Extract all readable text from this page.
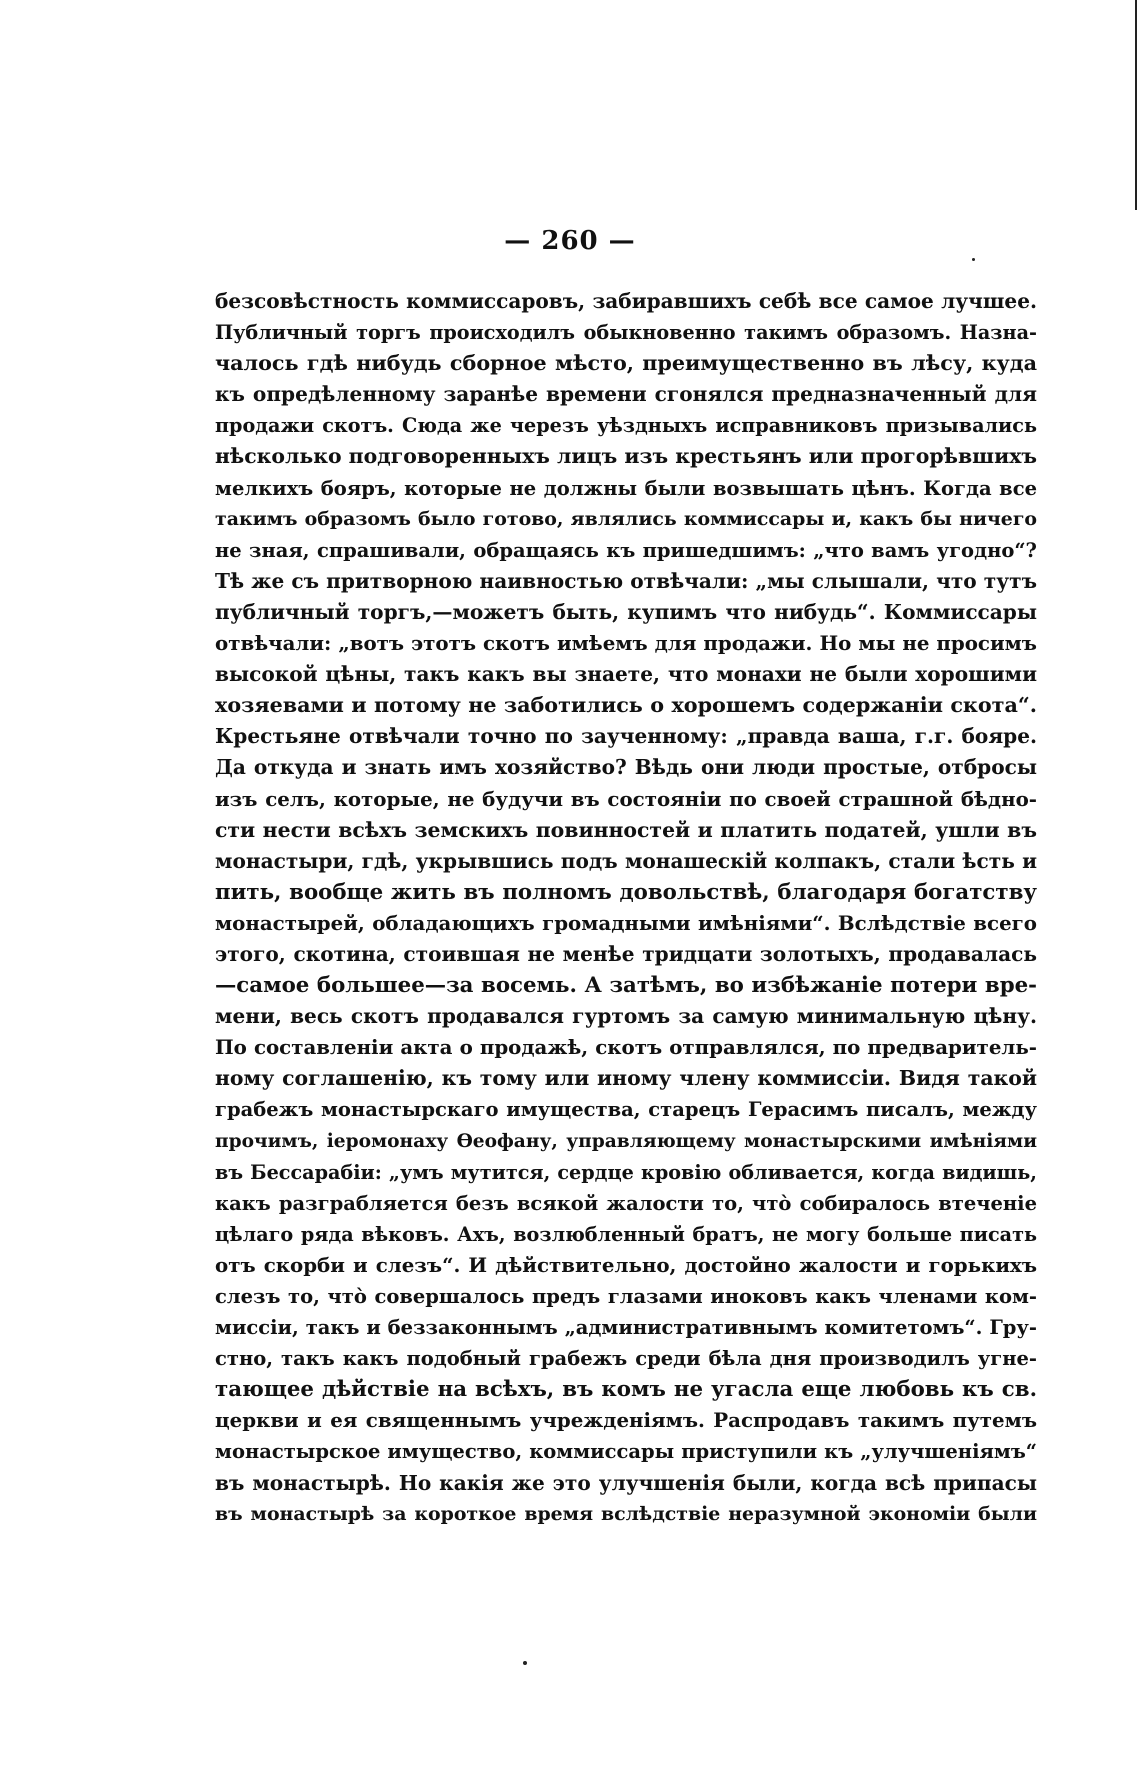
— 260 —
безсовѣстность коммиссаровъ, забиравшихъ себѣ все самое лучшее.
Публичный торгъ происходилъ обыкновенно такимъ образомъ. Назна-
чалось гдѣ нибудь сборное мѣсто, преимущественно въ лѣсу, куда
къ опредѣленному заранѣе времени сгонялся предназначенный для
продажи скотъ. Сюда же черезъ уѣздныхъ исправниковъ призывались
нѣсколько подговоренныхъ лицъ изъ крестьянъ или прогорѣвшихъ
мелкихъ бояръ, которые не должны были возвышать цѣнъ. Когда все
такимъ образомъ было готово, являлись коммиссары и, какъ бы ничего
не зная, спрашивали, обращаясь къ пришедшимъ: „что вамъ угодно“?
Тѣ же съ притворною наивностью отвѣчали: „мы слышали, что тутъ
публичный торгъ,—можетъ быть, купимъ что нибудь“. Коммиссары
отвѣчали: „вотъ этотъ скотъ имѣемъ для продажи. Но мы не просимъ
высокой цѣны, такъ какъ вы знаете, что монахи не были хорошими
хозяевами и потому не заботились о хорошемъ содержаніи скота“.
Крестьяне отвѣчали точно по заученному: „правда ваша, г.г. бояре.
Да откуда и знать имъ хозяйство? Вѣдь они люди простые, отбросы
изъ селъ, которые, не будучи въ состояніи по своей страшной бѣдно-
сти нести всѣхъ земскихъ повинностей и платить податей, ушли въ
монастыри, гдѣ, укрывшись подъ монашескій колпакъ, стали ѣсть и
пить, вообще жить въ полномъ довольствѣ, благодаря богатству
монастырей, обладающихъ громадными имѣніями“. Вслѣдствіе всего
этого, скотина, стоившая не менѣе тридцати золотыхъ, продавалась
—самое большее—за восемь. А затѣмъ, во избѣжаніе потери вре-
мени, весь скотъ продавался гуртомъ за самую минимальную цѣну.
По составленіи акта о продажѣ, скотъ отправлялся, по предваритель-
ному соглашенію, къ тому или иному члену коммиссіи. Видя такой
грабежъ монастырскаго имущества, старецъ Герасимъ писалъ, между
прочимъ, іеромонаху Ѳеофану, управляющему монастырскими имѣніями
въ Бессарабіи: „умъ мутится, сердце кровію обливается, когда видишь,
какъ разграбляется безъ всякой жалости то, что̀ собиралось втеченіе
цѣлаго ряда вѣковъ. Ахъ, возлюбленный братъ, не могу больше писать
отъ скорби и слезъ“. И дѣйствительно, достойно жалости и горькихъ
слезъ то, что̀ совершалось предъ глазами иноковъ какъ членами ком-
миссіи, такъ и беззаконнымъ „административнымъ комитетомъ“. Гру-
стно, такъ какъ подобный грабежъ среди бѣла дня производилъ угне-
тающее дѣйствіе на всѣхъ, въ комъ не угасла еще любовь къ св.
церкви и ея священнымъ учрежденіямъ. Распродавъ такимъ путемъ
монастырское имущество, коммиссары приступили къ „улучшеніямъ“
въ монастырѣ. Но какія же это улучшенія были, когда всѣ припасы
въ монастырѣ за короткое время вслѣдствіе неразумной экономіи были
